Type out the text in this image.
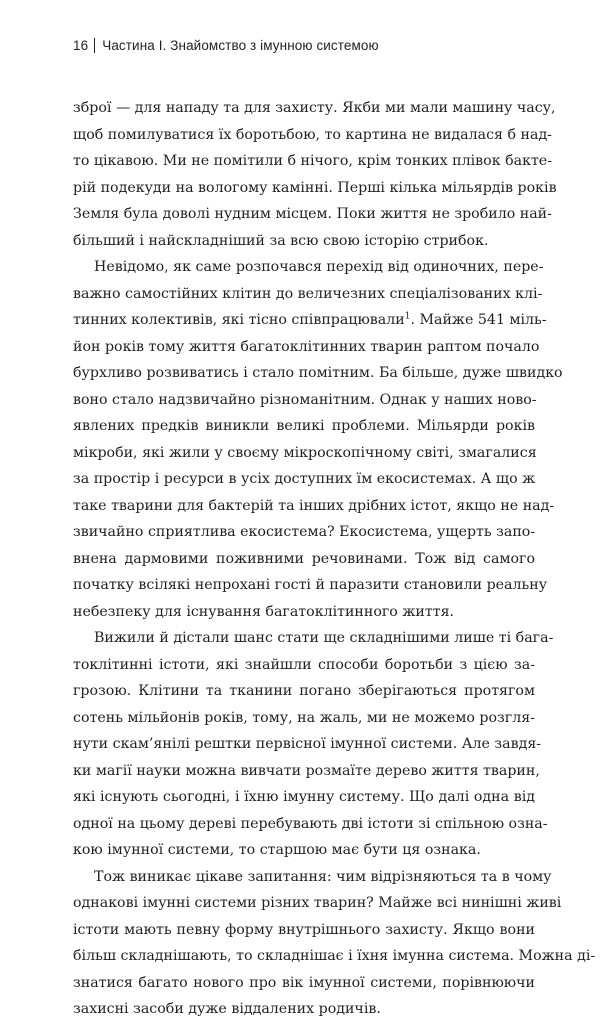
16 Частина І. Знайомство з імунною системою

зброї — для нападу та для захисту. Якби ми мали машину часу,
щоб помилуватися їх боротьбою, то картина не видалася б над-
то цікавою. Ми не помітили б нічого, крім тонких плівок бакте-
рій подекуди на вологому камінні. Перші кілька мільярдів років
Земля була доволі нудним місцем. Поки життя не зробило най-
більший і найскладніший за всю свою історію стрибок.

Невідомо, як саме розпочався перехід від одиночних, пере-
важно самостійних клітин до величезних спеціалізованих клі-
тинних колективів, які тісно співпрацювали$^1$. Майже 541 міль-
йон років тому життя багатоклітинних тварин раптом почало
бурхливо розвиватись і стало помітним. Ба більше, дуже швидко
воно стало надзвичайно різноманітним. Однак у наших ново-
явлених предків виникли великі проблеми. Мільярди років
мікроби, які жили у своєму мікроскопічному світі, змагалися
за простір і ресурси в усіх доступних їм екосистемах. А що ж
таке тварини для бактерій та інших дрібних істот, якщо не над-
звичайно сприятлива екосистема? Екосистема, ущерть запо-
внена дармовими поживними речовинами. Тож від самого
початку всілякі непрохані гості й паразити становили реальну
небезпеку для існування багатоклітинного життя.

Вижили й дістали шанс стати ще складнішими лише ті бага-
токлітинні істоти, які знайшли способи боротьби з цією за-
грозою. Клітини та тканини погано зберігаються протягом
сотень мільйонів років, тому, на жаль, ми не можемо розгля-
нути скам’янілі рештки первісної імунної системи. Але завдя-
ки магії науки можна вивчати розмаїте дерево життя тварин,
які існують сьогодні, і їхню імунну систему. Що далі одна від
одної на цьому дереві перебувають дві істоти зі спільною озна-
кою імунної системи, то старшою має бути ця ознака.

Тож виникає цікаве запитання: чим відрізняються та в чому
однакові імунні системи різних тварин? Майже всі нинішні живі
істоти мають певну форму внутрішнього захисту. Якщо вони
більш складнішають, то складнішає і їхня імунна система. Можна ді-
знатися багато нового про вік імунної системи, порівнюючи
захисні засоби дуже віддалених родичів.
